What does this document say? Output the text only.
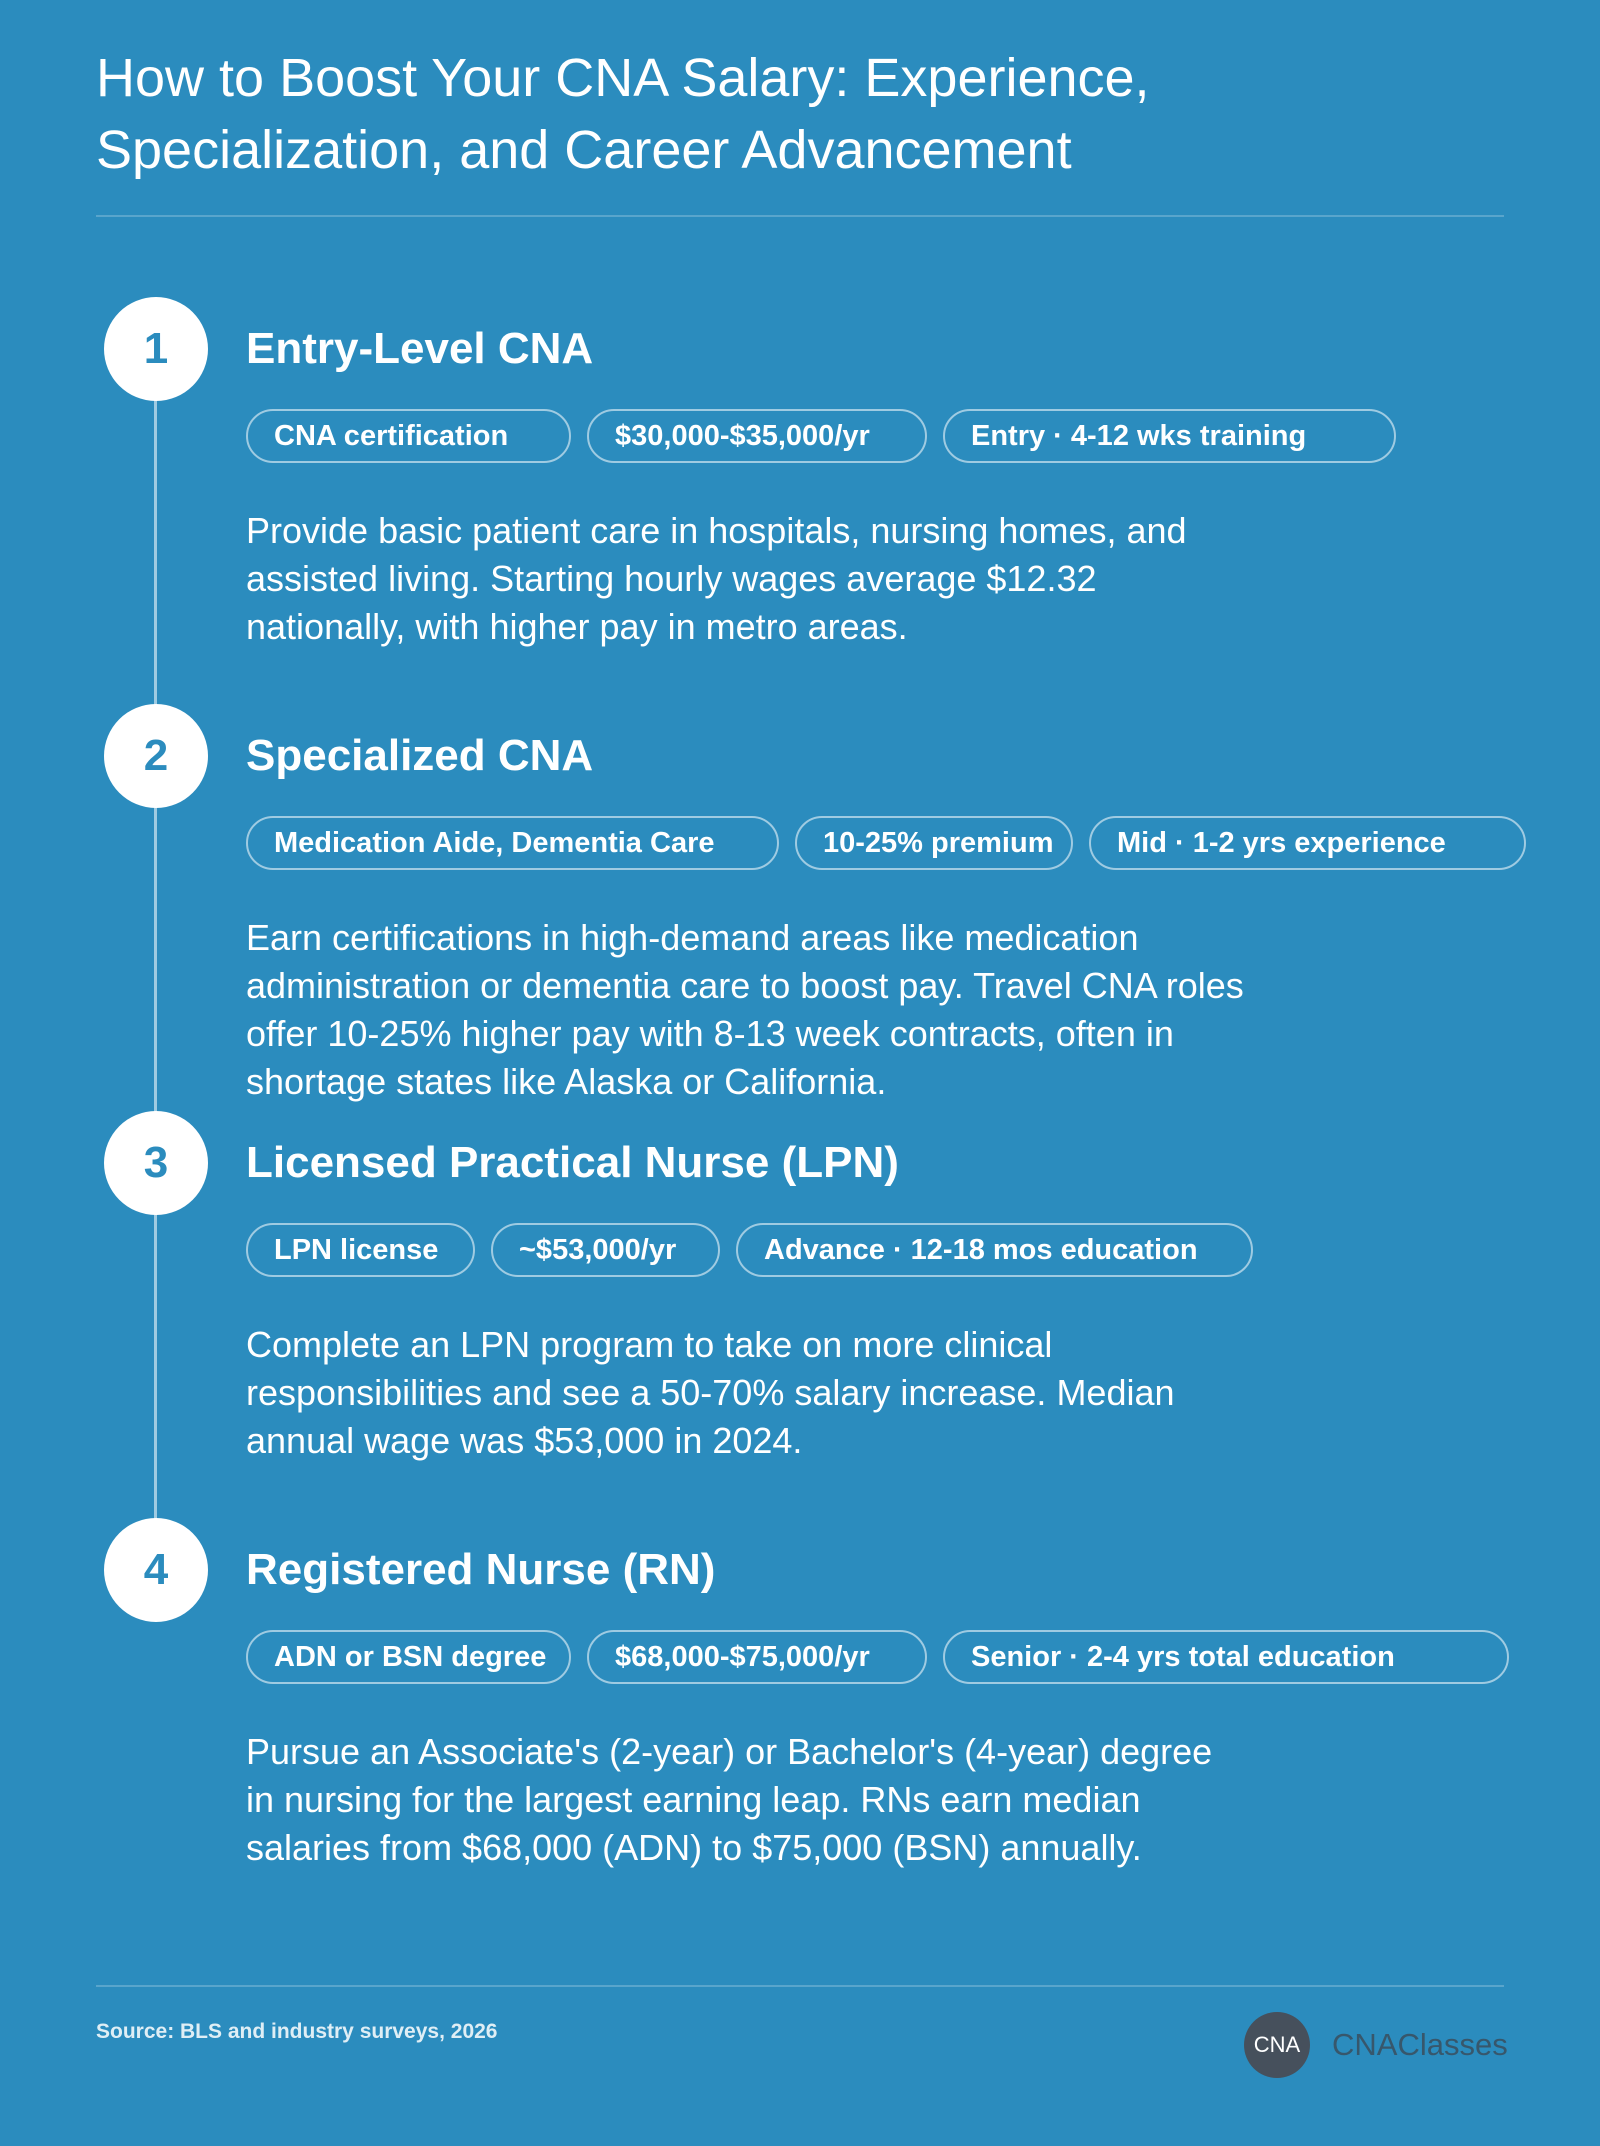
How to Boost Your CNA Salary: Experience, Specialization, and Career Advancement
1	Entry-Level CNA
CNA certification	$30,000-$35,000/yr	Entry · 4-12 wks training

Provide basic patient care in hospitals, nursing homes, and assisted living. Starting hourly wages average $12.32 nationally, with higher pay in metro areas.

2	Specialized CNA
Medication Aide, Dementia Care	10-25% premium	Mid · 1-2 yrs experience

Earn certifications in high-demand areas like medication administration or dementia care to boost pay. Travel CNA roles offer 10-25% higher pay with 8-13 week contracts, often in shortage states like Alaska or California.

3	Licensed Practical Nurse (LPN)
LPN license	~$53,000/yr	Advance · 12-18 mos education

Complete an LPN program to take on more clinical responsibilities and see a 50-70% salary increase. Median annual wage was $53,000 in 2024.

4	Registered Nurse (RN)
ADN or BSN degree	$68,000-$75,000/yr	Senior · 2-4 yrs total education

Pursue an Associate's (2-year) or Bachelor's (4-year) degree in nursing for the largest earning leap. RNs earn median salaries from $68,000 (ADN) to $75,000 (BSN) annually.

Source: BLS and industry surveys, 2026
CNA	CNAClasses
